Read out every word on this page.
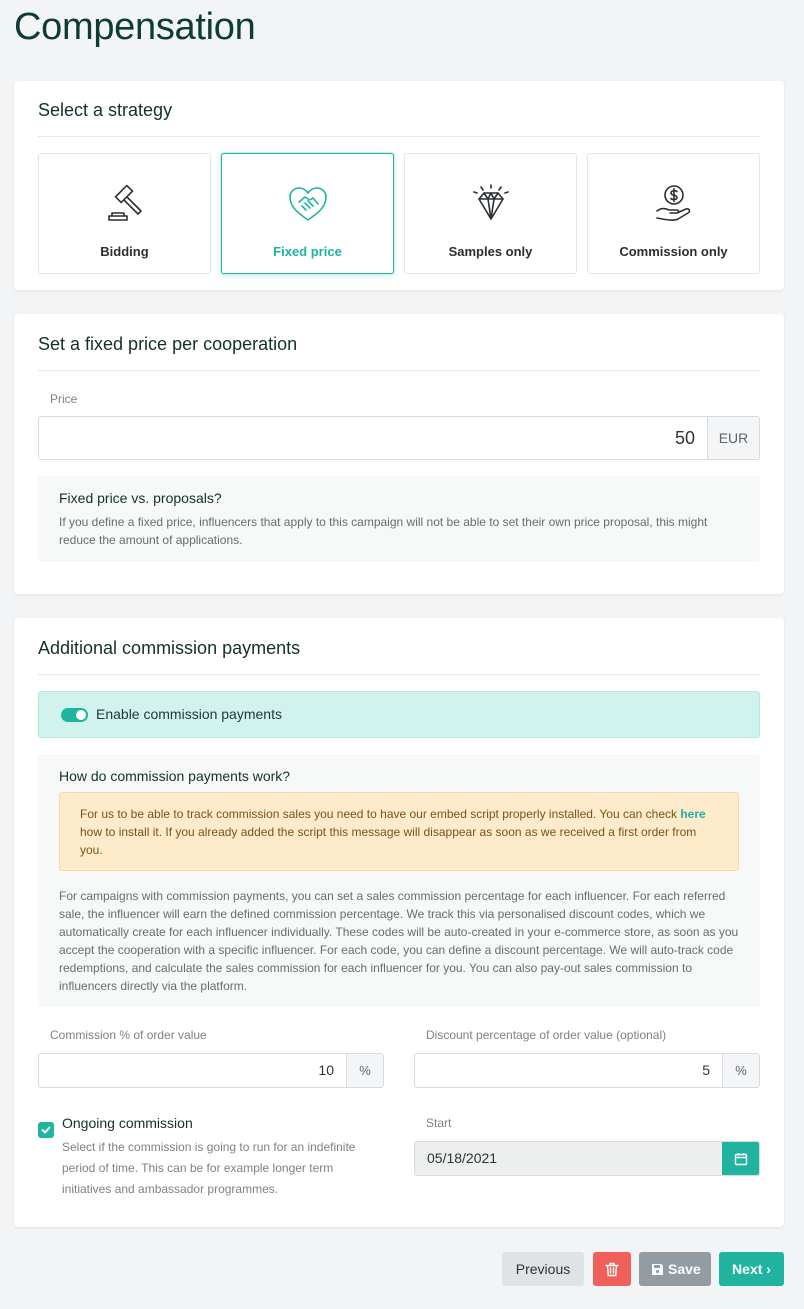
Compensation
Select a strategy
Bidding	Fixed price	Samples only	Commission only
Set a fixed price per cooperation
Price
50	EUR
Fixed price vs. proposals?
If you define a fixed price, influencers that apply to this campaign will not be able to set their own price proposal, this might reduce the amount of applications.
Additional commission payments
Enable commission payments
How do commission payments work?
For us to be able to track commission sales you need to have our embed script properly installed. You can check here how to install it. If you already added the script this message will disappear as soon as we received a first order from you.
For campaigns with commission payments, you can set a sales commission percentage for each influencer. For each referred sale, the influencer will earn the defined commission percentage. We track this via personalised discount codes, which we automatically create for each influencer individually. These codes will be auto-created in your e-commerce store, as soon as you accept the cooperation with a specific influencer. For each code, you can define a discount percentage. We will auto-track code redemptions, and calculate the sales commission for each influencer for you. You can also pay-out sales commission to influencers directly via the platform.
Commission % of order value
10	%
Discount percentage of order value (optional)
5	%
Ongoing commission
Select if the commission is going to run for an indefinite period of time. This can be for example longer term initiatives and ambassador programmes.
Start
05/18/2021
Previous	Save	Next ›
